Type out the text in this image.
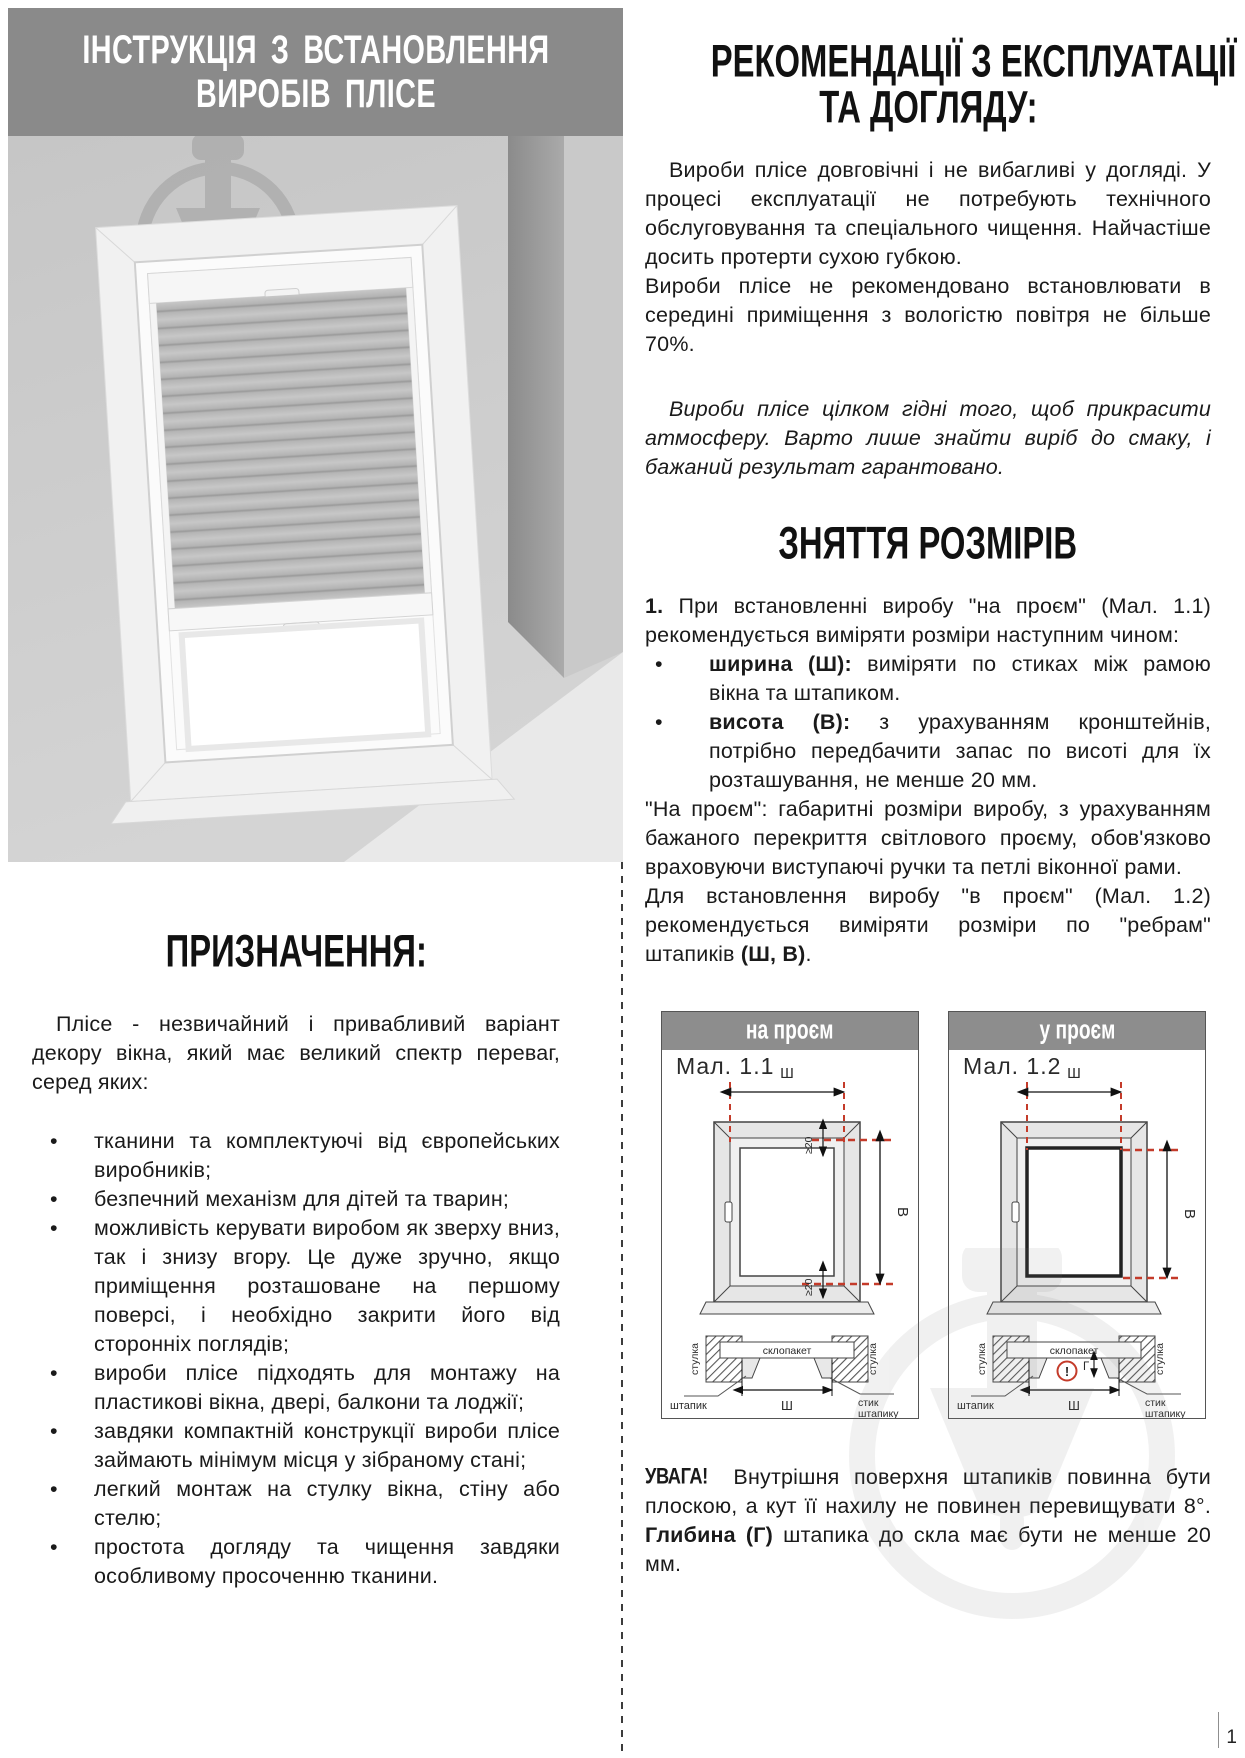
ІНСТРУКЦІЯ З ВСТАНОВЛЕННЯ
ВИРОБІВ ПЛІСЕ
ПРИЗНАЧЕННЯ:

Плісе - незвичайний і привабливий варіант декору вікна, який має великий спектр переваг, серед яких:

• тканини та комплектуючі від європейських виробників;
• безпечний механізм для дітей та тварин;
• можливість керувати виробом як зверху вниз, так і знизу вгору. Це дуже зручно, якщо приміщення розташоване на першому поверсі, і необхідно закрити його від сторонніх поглядів;
• вироби плісе підходять для монтажу на пластикові вікна, двері, балкони та лоджії;
• завдяки компактній конструкції вироби плісе займають мінімум місця у зібраному стані;
• легкий монтаж на стулку вікна, стіну або стелю;
• простота догляду та чищення завдяки особливому просоченню тканини.
РЕКОМЕНДАЦІЇ З ЕКСПЛУАТАЦІЇ
ТА ДОГЛЯДУ:

Вироби плісе довговічні і не вибагливі у догляді. У процесі експлуатації не потребують технічного обслуговування та спеціального чищення. Найчастіше досить протерти сухою губкою.

Вироби плісе не рекомендовано встановлювати в середині приміщення з вологістю повітря не більше 70%.

Вироби плісе цілком гідні того, щоб прикрасити атмосферу. Варто лише знайти виріб до смаку, і бажаний результат гарантовано.

ЗНЯТТЯ РОЗМІРІВ

1. При встановленні виробу "на проєм" (Мал. 1.1) рекомендується виміряти розміри наступним чином:

• ширина (Ш): виміряти по стиках між рамою вікна та штапиком.
• висота (В): з урахуванням кронштейнів, потрібно передбачити запас по висоті для їх розташування, не менше 20 мм.

"На проєм": габаритні розміри виробу, з урахуванням бажаного перекриття світлового проєму, обов'язково враховуючи виступаючі ручки та петлі віконної рами.

Для встановлення виробу "в проєм" (Мал. 1.2) рекомендується виміряти розміри по "ребрам" штапиків (Ш, В).

на проєм
Мал. 1.1 Ш
В
≥20
≥20
склопакет
стулка	стулка
Ш
штапик	стик
штапику
у проєм
Мал. 1.2 Ш
В
склопакет
стулка	стулка
! Г
Ш
штапик	стик
штапику

УВАГА! Внутрішня поверхня штапиків повинна бути плоскою, а кут її нахилу не повинен перевищувати 8°. Глибина (Г) штапика до скла має бути не менше 20 мм.

1
